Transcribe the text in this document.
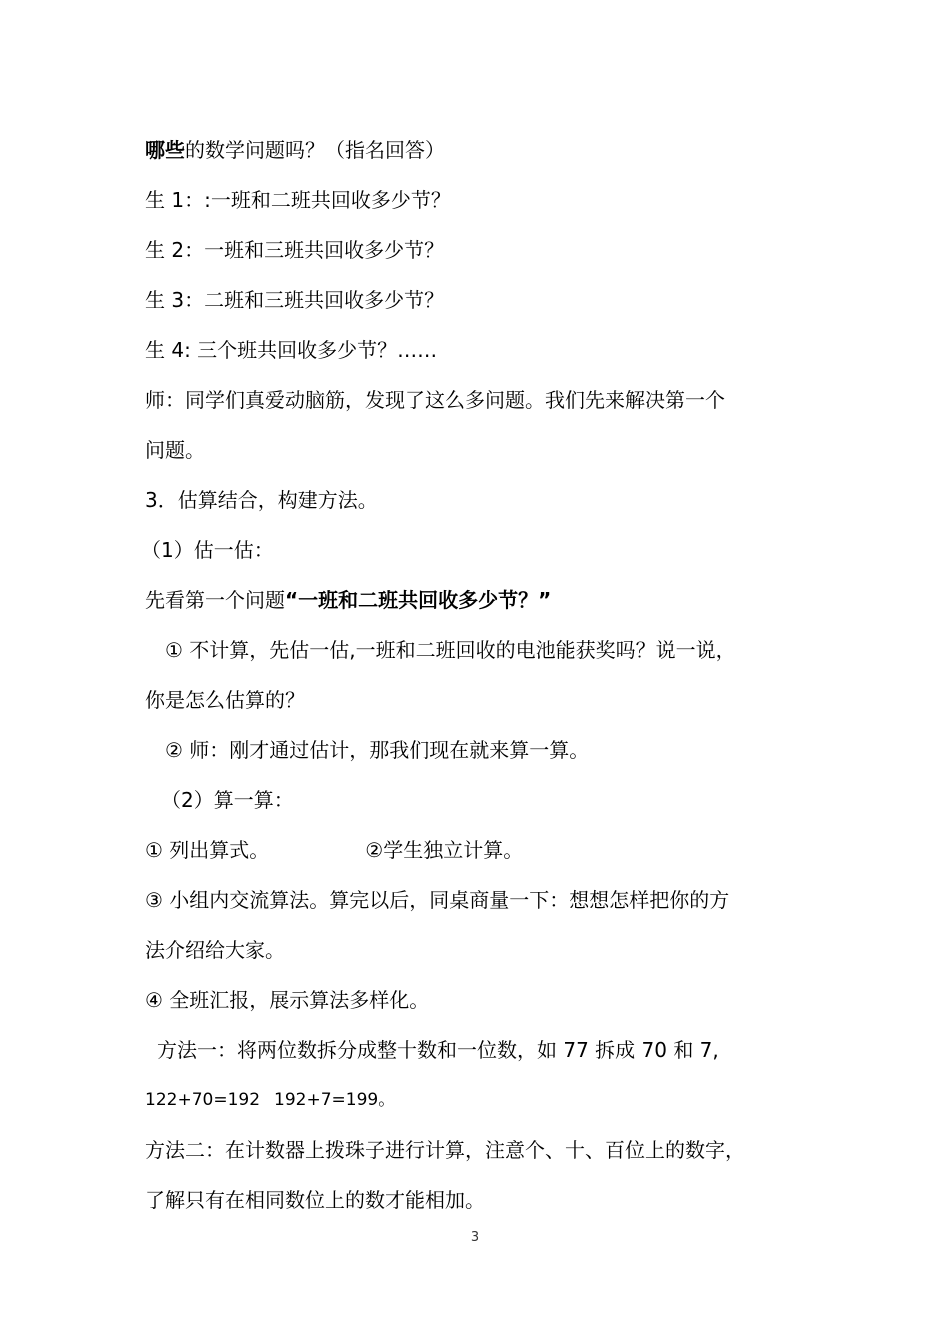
哪些的数学问题吗？（指名回答）
生 1：:一班和二班共回收多少节？
生 2：一班和三班共回收多少节？
生 3：二班和三班共回收多少节？
生 4: 三个班共回收多少节？……
师：同学们真爱动脑筋，发现了这么多问题。我们先来解决第一个
问题。
3．估算结合，构建方法。
（1）估一估：
先看第一个问题“一班和二班共回收多少节？”
① 不计算，先估一估,一班和二班回收的电池能获奖吗？说一说，
你是怎么估算的？
② 师：刚才通过估计，那我们现在就来算一算。
（2）算一算：
① 列出算式。	②学生独立计算。
③ 小组内交流算法。算完以后，同桌商量一下：想想怎样把你的方
法介绍给大家。
④ 全班汇报，展示算法多样化。
方法一：将两位数拆分成整十数和一位数，如 77 拆成 70 和 7,
122+70=192 192+7=199。
方法二：在计数器上拨珠子进行计算，注意个、十、百位上的数字，
了解只有在相同数位上的数才能相加。
3
